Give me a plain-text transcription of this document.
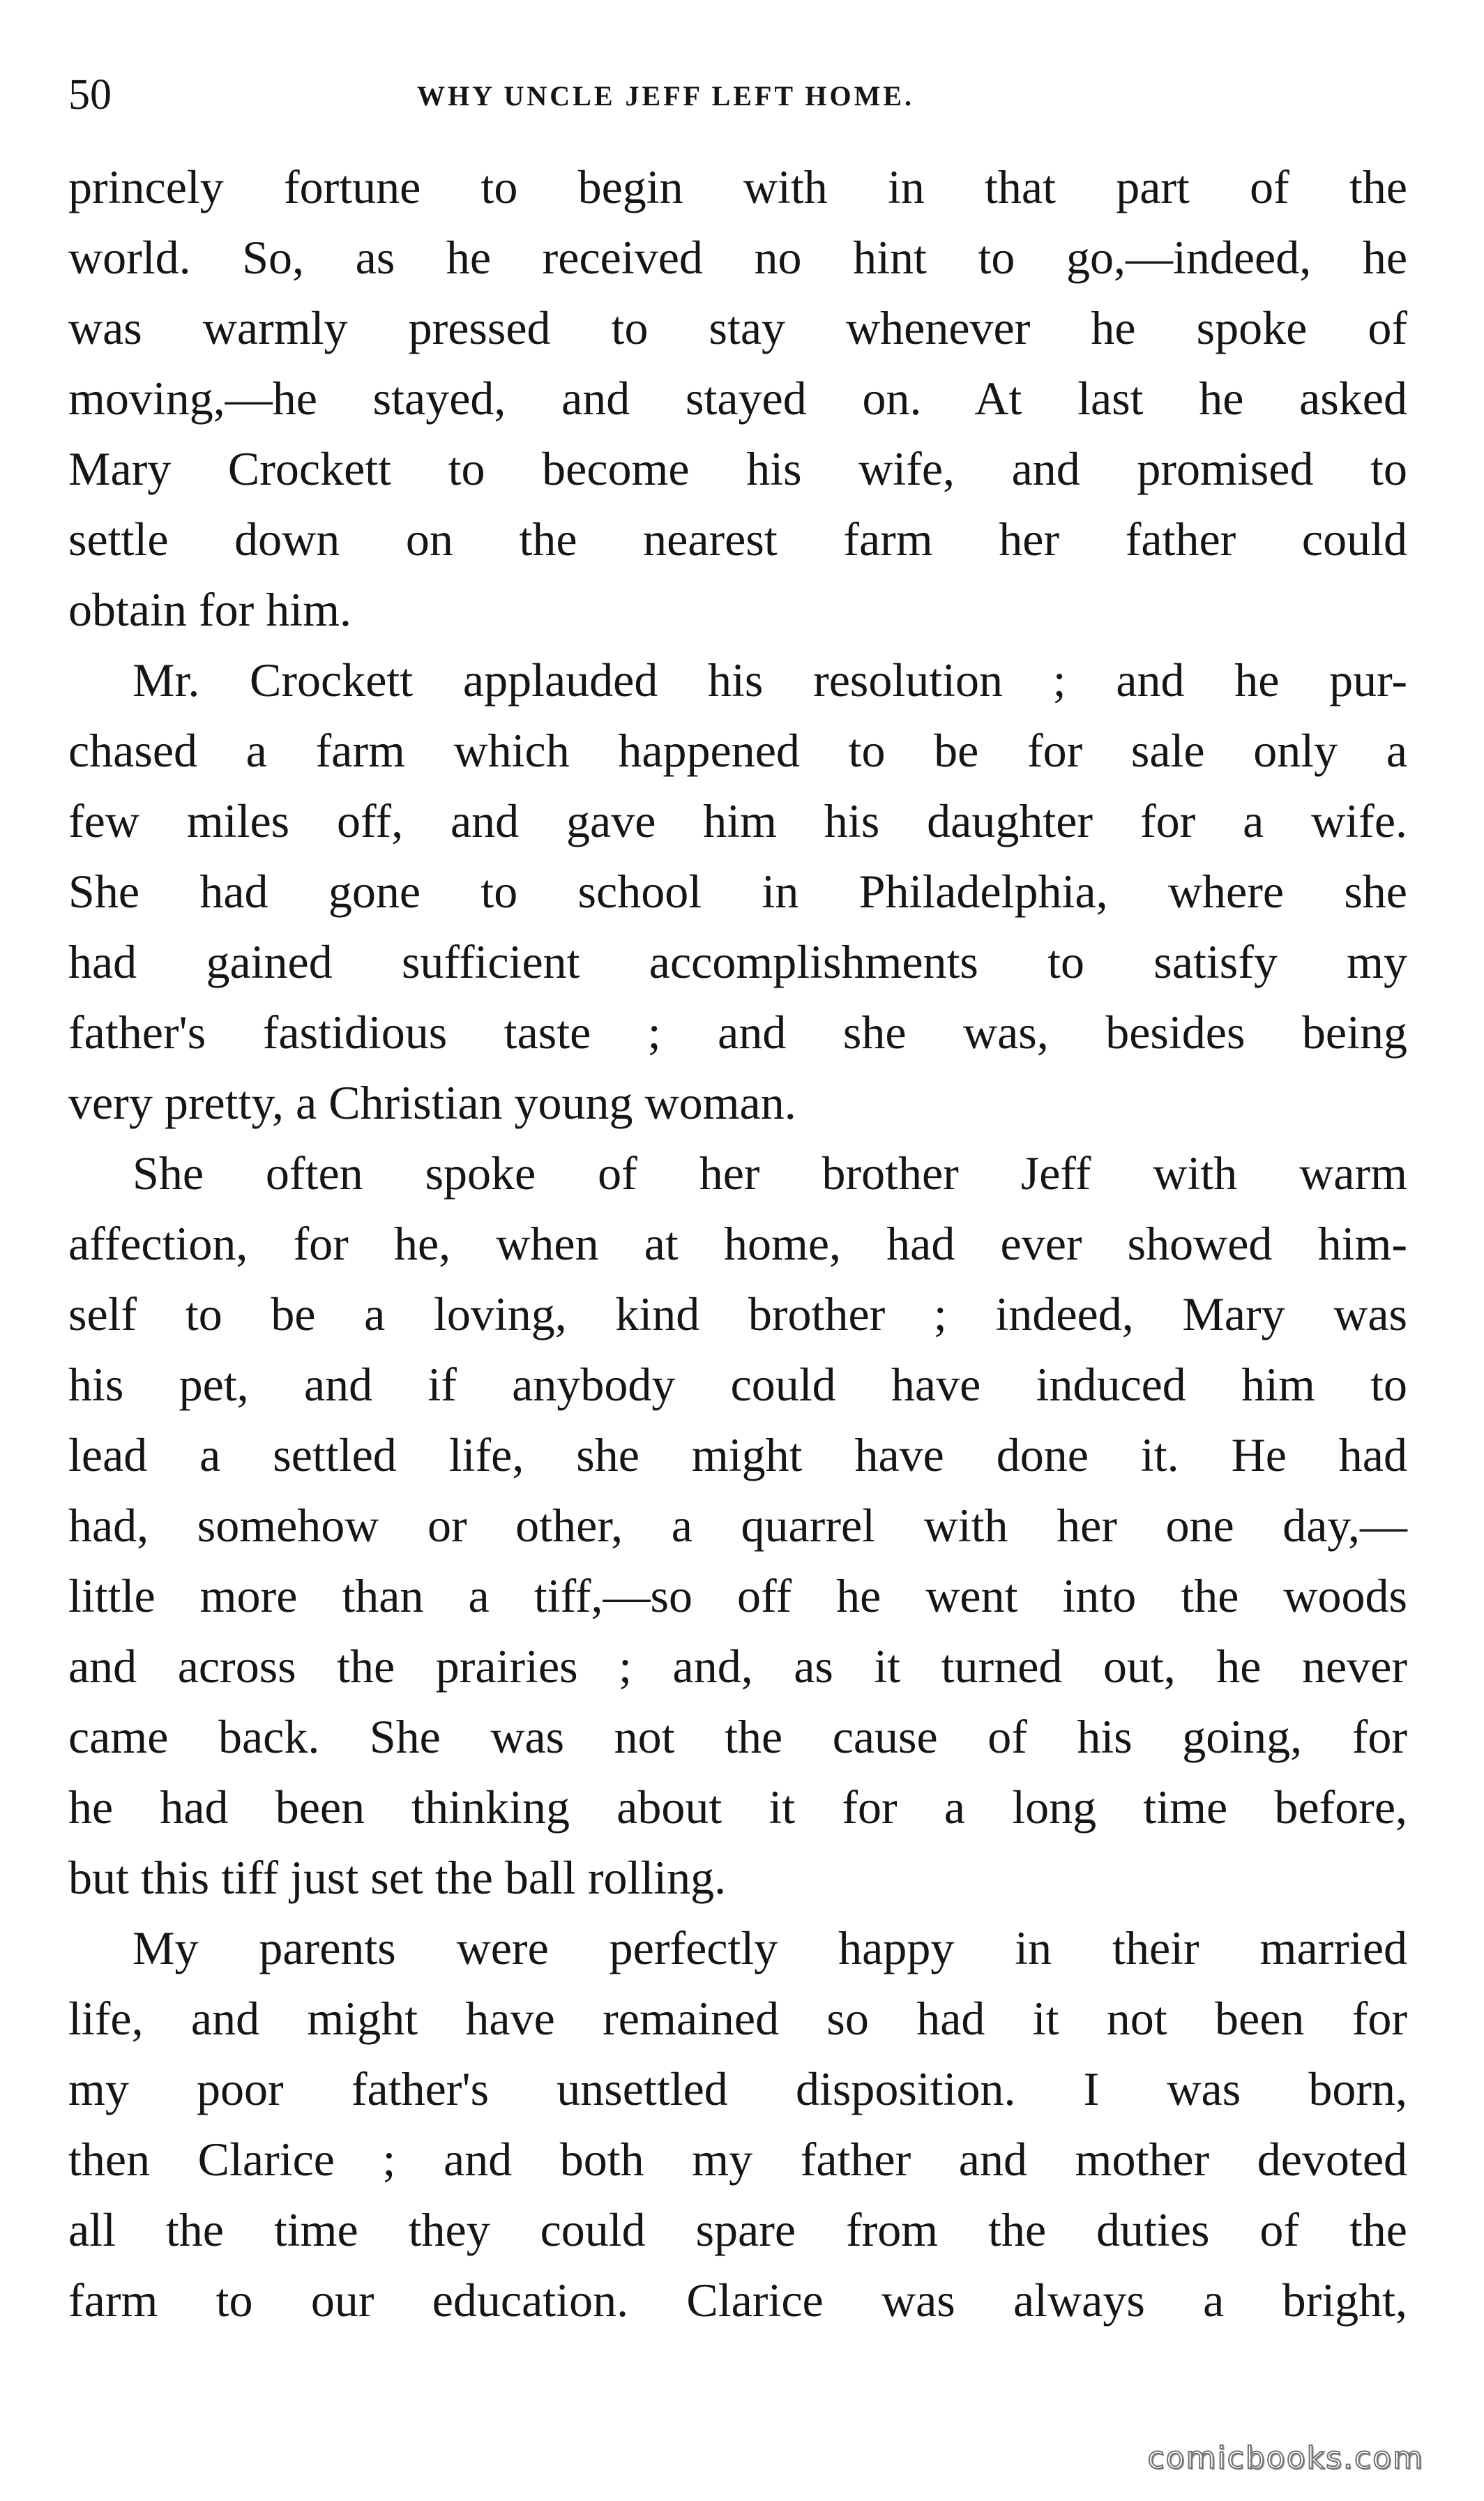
50	WHY UNCLE JEFF LEFT HOME.

princely fortune to begin with in that part of the
world. So, as he received no hint to go,—indeed, he
was warmly pressed to stay whenever he spoke of
moving,—he stayed, and stayed on. At last he asked
Mary Crockett to become his wife, and promised to
settle down on the nearest farm her father could
obtain for him.

Mr. Crockett applauded his resolution ; and he pur-
chased a farm which happened to be for sale only a
few miles off, and gave him his daughter for a wife.
She had gone to school in Philadelphia, where she
had gained sufficient accomplishments to satisfy my
father's fastidious taste ; and she was, besides being
very pretty, a Christian young woman.

She often spoke of her brother Jeff with warm
affection, for he, when at home, had ever showed him-
self to be a loving, kind brother ; indeed, Mary was
his pet, and if anybody could have induced him to
lead a settled life, she might have done it. He had
had, somehow or other, a quarrel with her one day,—
little more than a tiff,—so off he went into the woods
and across the prairies ; and, as it turned out, he never
came back. She was not the cause of his going, for
he had been thinking about it for a long time before,
but this tiff just set the ball rolling.

My parents were perfectly happy in their married
life, and might have remained so had it not been for
my poor father's unsettled disposition. I was born,
then Clarice ; and both my father and mother devoted
all the time they could spare from the duties of the
farm to our education. Clarice was always a bright,

comicbooks.com
